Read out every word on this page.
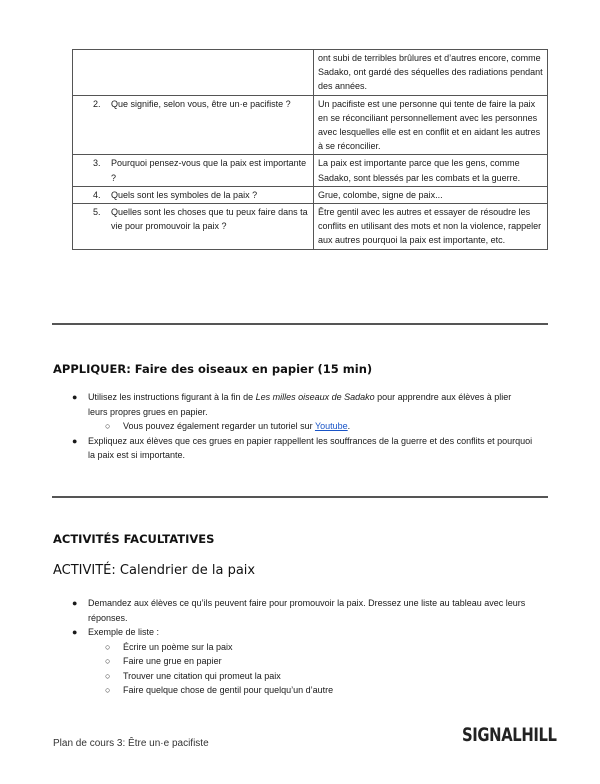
	ont subi de terribles brûlures et d’autres encore, comme Sadako, ont gardé des séquelles des radiations pendant des années.

2. Que signifie, selon vous, être un·e pacifiste ?	Un pacifiste est une personne qui tente de faire la paix en se réconciliant personnellement avec les personnes avec lesquelles elle est en conflit et en aidant les autres à se réconcilier.

3. Pourquoi pensez-vous que la paix est importante ?	La paix est importante parce que les gens, comme Sadako, sont blessés par les combats et la guerre.

4. Quels sont les symboles de la paix ?	Grue, colombe, signe de paix...

5. Quelles sont les choses que tu peux faire dans ta vie pour promouvoir la paix ?	Être gentil avec les autres et essayer de résoudre les conflits en utilisant des mots et non la violence, rappeler aux autres pourquoi la paix est importante, etc.
APPLIQUER: Faire des oiseaux en papier (15 min)
● Utilisez les instructions figurant à la fin de Les milles oiseaux de Sadako pour apprendre aux élèves à plier leurs propres grues en papier.
○ Vous pouvez également regarder un tutoriel sur Youtube.
● Expliquez aux élèves que ces grues en papier rappellent les souffrances de la guerre et des conflits et pourquoi la paix est si importante.
ACTIVITÉS FACULTATIVES
ACTIVITÉ: Calendrier de la paix
● Demandez aux élèves ce qu’ils peuvent faire pour promouvoir la paix. Dressez une liste au tableau avec leurs réponses.
● Exemple de liste :
○ Écrire un poème sur la paix
○ Faire une grue en papier
○ Trouver une citation qui promeut la paix
○ Faire quelque chose de gentil pour quelqu’un d’autre
Plan de cours 3: Être un·e pacifiste	SIGNALHILL
